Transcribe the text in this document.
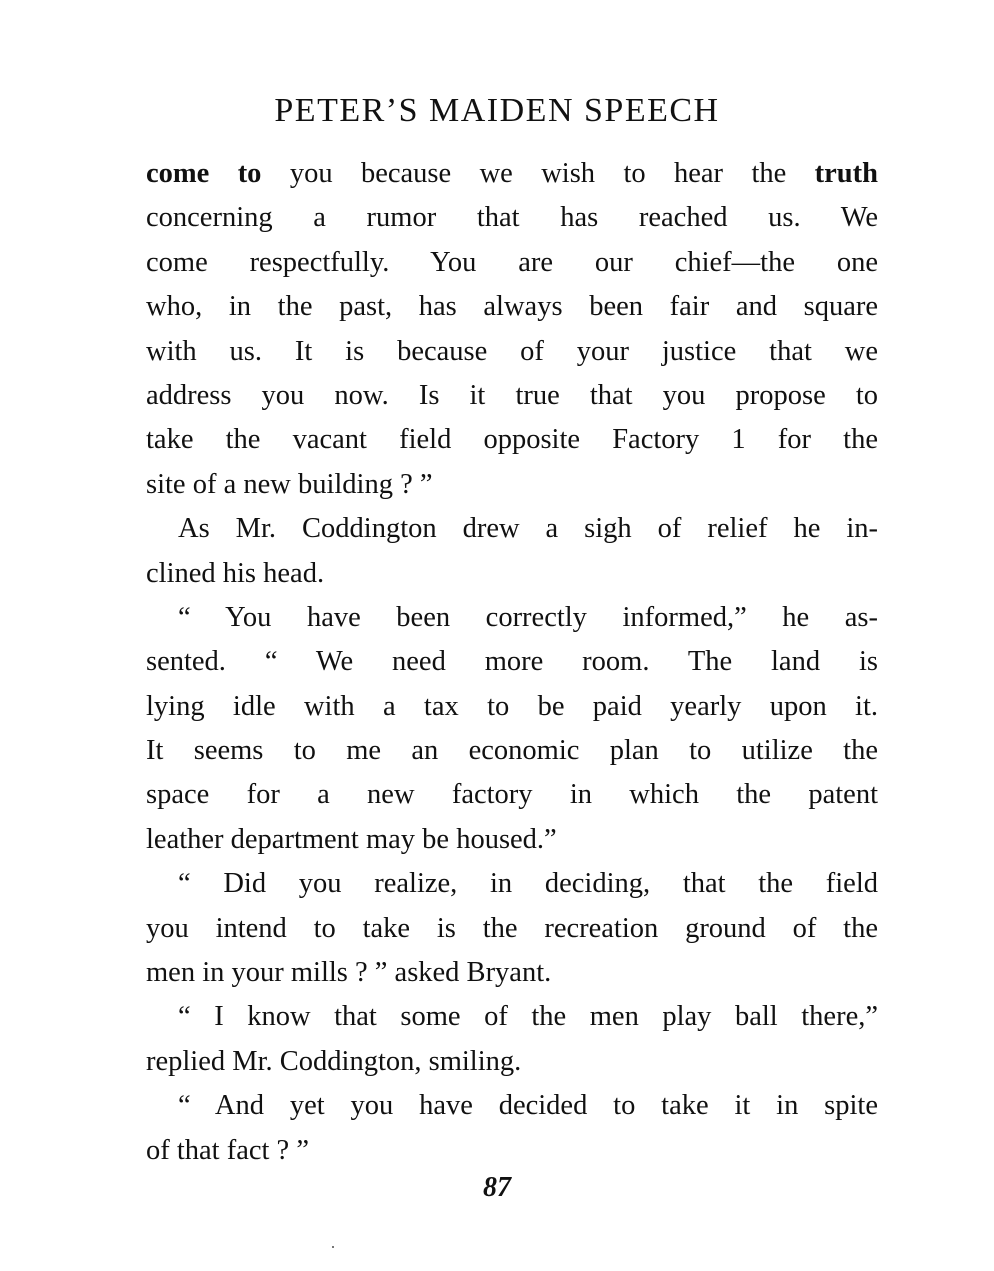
PETER’S MAIDEN SPEECH
come to you because we wish to hear the truth
concerning a rumor that has reached us. We
come respectfully. You are our chief—the one
who, in the past, has always been fair and square
with us. It is because of your justice that we
address you now. Is it true that you propose to
take the vacant field opposite Factory 1 for the
site of a new building ? ”
As Mr. Coddington drew a sigh of relief he in-
clined his head.
“ You have been correctly informed,” he as-
sented. “ We need more room. The land is
lying idle with a tax to be paid yearly upon it.
It seems to me an economic plan to utilize the
space for a new factory in which the patent
leather department may be housed.”
“ Did you realize, in deciding, that the field
you intend to take is the recreation ground of the
men in your mills ? ” asked Bryant.
“ I know that some of the men play ball there,”
replied Mr. Coddington, smiling.
“ And yet you have decided to take it in spite
of that fact ? ”
87
